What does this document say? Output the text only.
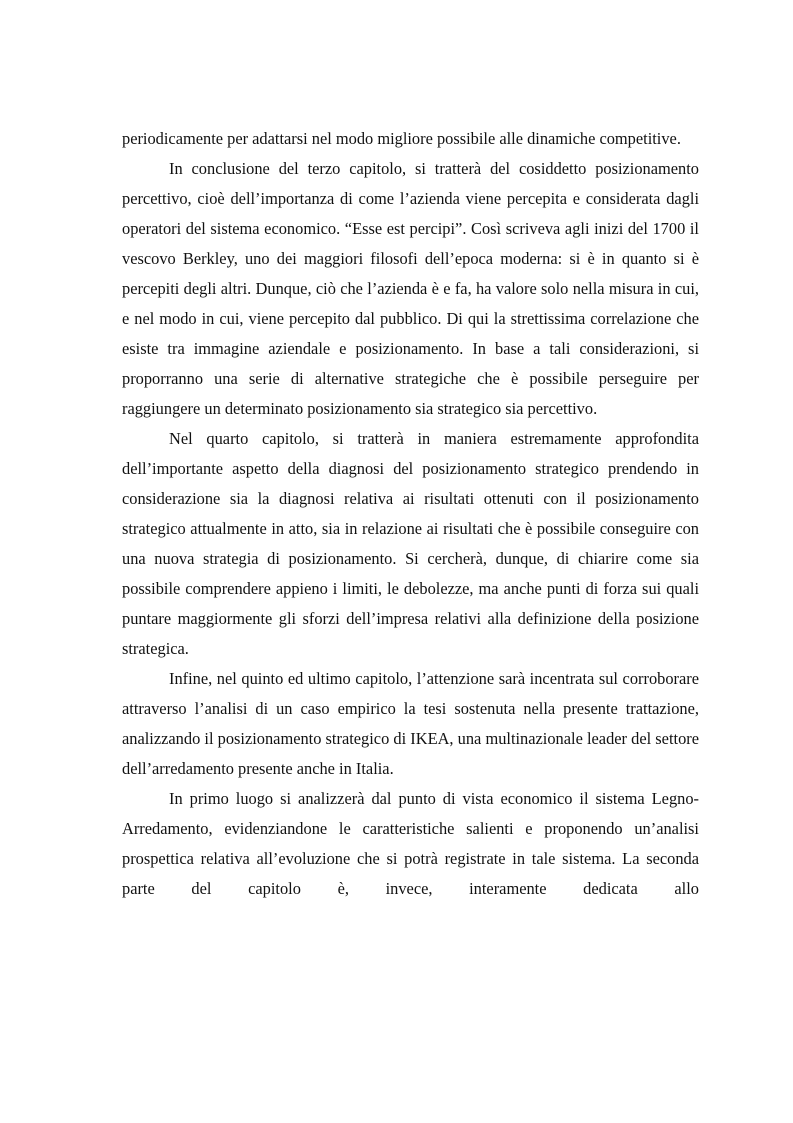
periodicamente per adattarsi nel modo migliore possibile alle dinamiche competitive.

In conclusione del terzo capitolo, si tratterà del cosiddetto posizionamento percettivo, cioè dell’importanza di come l’azienda viene percepita e considerata dagli operatori del sistema economico. “Esse est percipi”. Così scriveva agli inizi del 1700 il vescovo Berkley, uno dei maggiori filosofi dell’epoca moderna: si è in quanto si è percepiti degli altri. Dunque, ciò che l’azienda è e fa, ha valore solo nella misura in cui, e nel modo in cui, viene percepito dal pubblico. Di qui la strettissima correlazione che esiste tra immagine aziendale e posizionamento. In base a tali considerazioni, si proporranno una serie di alternative strategiche che è possibile perseguire per raggiungere un determinato posizionamento sia strategico sia percettivo.

Nel quarto capitolo, si tratterà in maniera estremamente approfondita dell’importante aspetto della diagnosi del posizionamento strategico prendendo in considerazione sia la diagnosi relativa ai risultati ottenuti con il posizionamento strategico attualmente in atto, sia in relazione ai risultati che è possibile conseguire con una nuova strategia di posizionamento. Si cercherà, dunque, di chiarire come sia possibile comprendere appieno i limiti, le debolezze, ma anche punti di forza sui quali puntare maggiormente gli sforzi dell’impresa relativi alla definizione della posizione strategica.

Infine, nel quinto ed ultimo capitolo, l’attenzione sarà incentrata sul corroborare attraverso l’analisi di un caso empirico la tesi sostenuta nella presente trattazione, analizzando il posizionamento strategico di IKEA, una multinazionale leader del settore dell’arredamento presente anche in Italia.

In primo luogo si analizzerà dal punto di vista economico il sistema Legno-Arredamento, evidenziandone le caratteristiche salienti e proponendo un’analisi prospettica relativa all’evoluzione che si potrà registrate in tale sistema. La seconda parte del capitolo è, invece, interamente dedicata allo
